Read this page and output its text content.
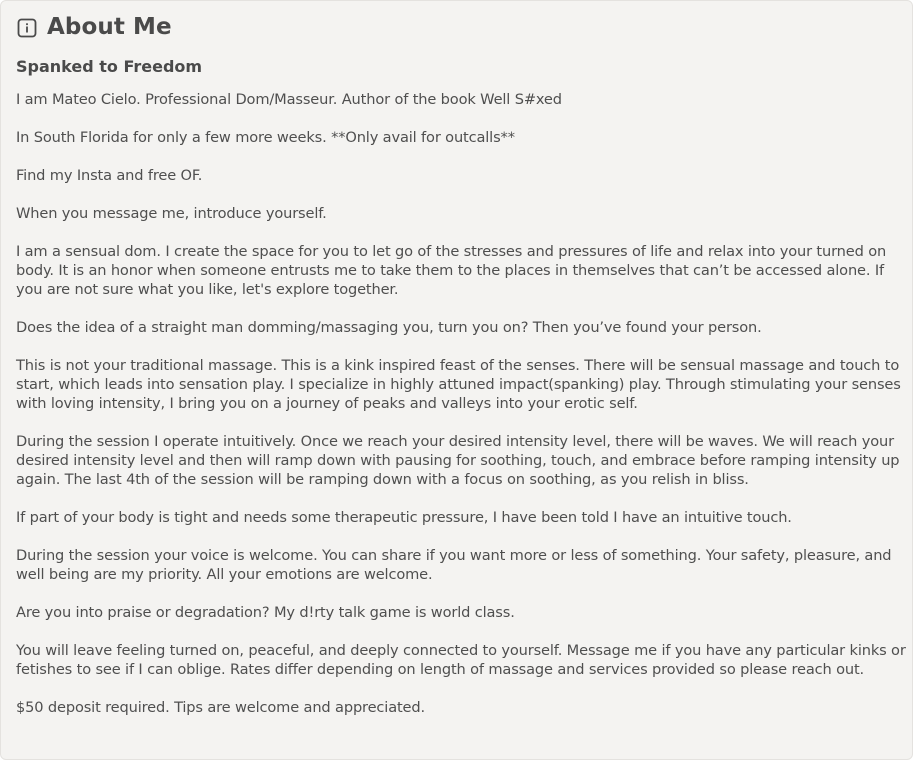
About Me
Spanked to Freedom

I am Mateo Cielo. Professional Dom/Masseur. Author of the book Well S#xed

In South Florida for only a few more weeks. **Only avail for outcalls**

Find my Insta and free OF.

When you message me, introduce yourself.

I am a sensual dom. I create the space for you to let go of the stresses and pressures of life and relax into your turned on body. It is an honor when someone entrusts me to take them to the places in themselves that can’t be accessed alone. If you are not sure what you like, let's explore together.

Does the idea of a straight man domming/massaging you, turn you on? Then you’ve found your person.

This is not your traditional massage. This is a kink inspired feast of the senses. There will be sensual massage and touch to start, which leads into sensation play. I specialize in highly attuned impact(spanking) play. Through stimulating your senses with loving intensity, I bring you on a journey of peaks and valleys into your erotic self.

During the session I operate intuitively. Once we reach your desired intensity level, there will be waves. We will reach your desired intensity level and then will ramp down with pausing for soothing, touch, and embrace before ramping intensity up again. The last 4th of the session will be ramping down with a focus on soothing, as you relish in bliss.

If part of your body is tight and needs some therapeutic pressure, I have been told I have an intuitive touch.

During the session your voice is welcome. You can share if you want more or less of something. Your safety, pleasure, and well being are my priority. All your emotions are welcome.

Are you into praise or degradation? My d!rty talk game is world class.

You will leave feeling turned on, peaceful, and deeply connected to yourself. Message me if you have any particular kinks or fetishes to see if I can oblige. Rates differ depending on length of massage and services provided so please reach out.

$50 deposit required. Tips are welcome and appreciated.
